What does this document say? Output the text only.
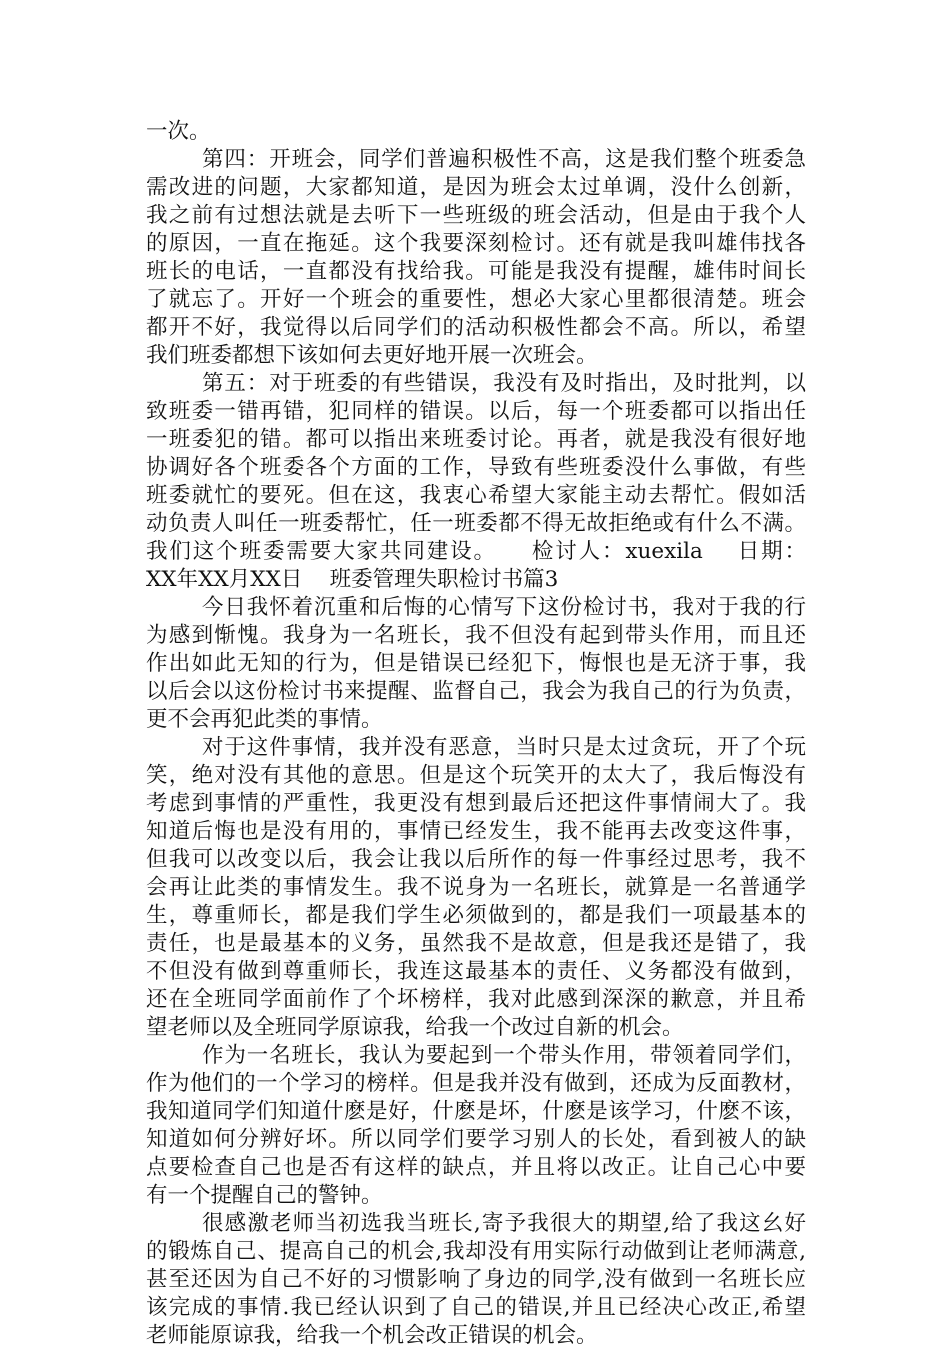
一次。
第四：开班会，同学们普遍积极性不高，这是我们整个班委急
需改进的问题，大家都知道，是因为班会太过单调，没什么创新，
我之前有过想法就是去听下一些班级的班会活动，但是由于我个人
的原因，一直在拖延。这个我要深刻检讨。还有就是我叫雄伟找各
班长的电话，一直都没有找给我。可能是我没有提醒，雄伟时间长
了就忘了。开好一个班会的重要性，想必大家心里都很清楚。班会
都开不好，我觉得以后同学们的活动积极性都会不高。所以，希望
我们班委都想下该如何去更好地开展一次班会。
第五：对于班委的有些错误，我没有及时指出，及时批判，以
致班委一错再错，犯同样的错误。以后，每一个班委都可以指出任
一班委犯的错。都可以指出来班委讨论。再者，就是我没有很好地
协调好各个班委各个方面的工作，导致有些班委没什么事做，有些
班委就忙的要死。但在这，我衷心希望大家能主动去帮忙。假如活
动负责人叫任一班委帮忙，任一班委都不得无故拒绝或有什么不满。
我们这个班委需要大家共同建设。    检讨人：xuexila    日期：
XX年XX月XX日    班委管理失职检讨书篇3
今日我怀着沉重和后悔的心情写下这份检讨书，我对于我的行
为感到惭愧。我身为一名班长，我不但没有起到带头作用，而且还
作出如此无知的行为，但是错误已经犯下，悔恨也是无济于事，我
以后会以这份检讨书来提醒、监督自己，我会为我自己的行为负责，
更不会再犯此类的事情。
对于这件事情，我并没有恶意，当时只是太过贪玩，开了个玩
笑，绝对没有其他的意思。但是这个玩笑开的太大了，我后悔没有
考虑到事情的严重性，我更没有想到最后还把这件事情闹大了。我
知道后悔也是没有用的，事情已经发生，我不能再去改变这件事，
但我可以改变以后，我会让我以后所作的每一件事经过思考，我不
会再让此类的事情发生。我不说身为一名班长，就算是一名普通学
生，尊重师长，都是我们学生必须做到的，都是我们一项最基本的
责任，也是最基本的义务，虽然我不是故意，但是我还是错了，我
不但没有做到尊重师长，我连这最基本的责任、义务都没有做到，
还在全班同学面前作了个坏榜样，我对此感到深深的歉意，并且希
望老师以及全班同学原谅我，给我一个改过自新的机会。
作为一名班长，我认为要起到一个带头作用，带领着同学们，
作为他们的一个学习的榜样。但是我并没有做到，还成为反面教材，
我知道同学们知道什麽是好，什麽是坏，什麽是该学习，什麽不该，
知道如何分辨好坏。所以同学们要学习别人的长处，看到被人的缺
点要检查自己也是否有这样的缺点，并且将以改正。让自己心中要
有一个提醒自己的警钟。
很感激老师当初选我当班长,寄予我很大的期望,给了我这幺好
的锻炼自己、提高自己的机会,我却没有用实际行动做到让老师满意,
甚至还因为自己不好的习惯影响了身边的同学,没有做到一名班长应
该完成的事情.我已经认识到了自己的错误,并且已经决心改正,希望
老师能原谅我，给我一个机会改正错误的机会。
